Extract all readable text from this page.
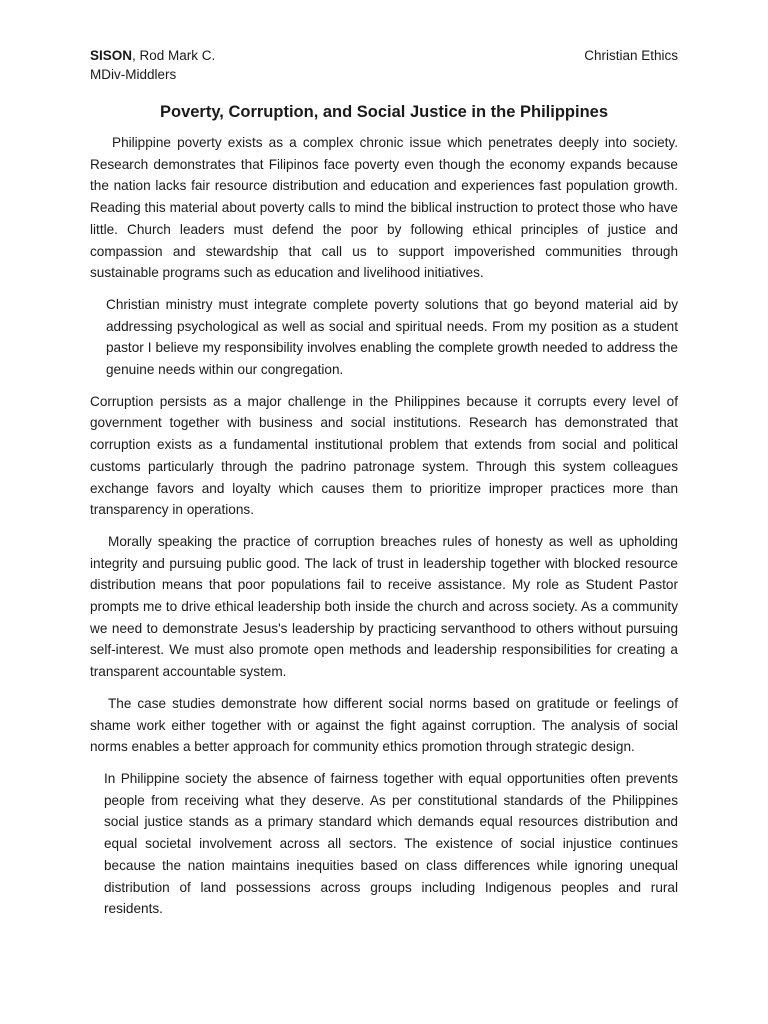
SISON, Rod Mark C.
MDiv-Middlers
Christian Ethics
Poverty, Corruption, and Social Justice in the Philippines

Philippine poverty exists as a complex chronic issue which penetrates deeply into society. Research demonstrates that Filipinos face poverty even though the economy expands because the nation lacks fair resource distribution and education and experiences fast population growth. Reading this material about poverty calls to mind the biblical instruction to protect those who have little. Church leaders must defend the poor by following ethical principles of justice and compassion and stewardship that call us to support impoverished communities through sustainable programs such as education and livelihood initiatives.

Christian ministry must integrate complete poverty solutions that go beyond material aid by addressing psychological as well as social and spiritual needs. From my position as a student pastor I believe my responsibility involves enabling the complete growth needed to address the genuine needs within our congregation.

Corruption persists as a major challenge in the Philippines because it corrupts every level of government together with business and social institutions. Research has demonstrated that corruption exists as a fundamental institutional problem that extends from social and political customs particularly through the padrino patronage system. Through this system colleagues exchange favors and loyalty which causes them to prioritize improper practices more than transparency in operations.

Morally speaking the practice of corruption breaches rules of honesty as well as upholding integrity and pursuing public good. The lack of trust in leadership together with blocked resource distribution means that poor populations fail to receive assistance. My role as Student Pastor prompts me to drive ethical leadership both inside the church and across society. As a community we need to demonstrate Jesus's leadership by practicing servanthood to others without pursuing self-interest. We must also promote open methods and leadership responsibilities for creating a transparent accountable system.

The case studies demonstrate how different social norms based on gratitude or feelings of shame work either together with or against the fight against corruption. The analysis of social norms enables a better approach for community ethics promotion through strategic design.

In Philippine society the absence of fairness together with equal opportunities often prevents people from receiving what they deserve. As per constitutional standards of the Philippines social justice stands as a primary standard which demands equal resources distribution and equal societal involvement across all sectors. The existence of social injustice continues because the nation maintains inequities based on class differences while ignoring unequal distribution of land possessions across groups including Indigenous peoples and rural residents.
